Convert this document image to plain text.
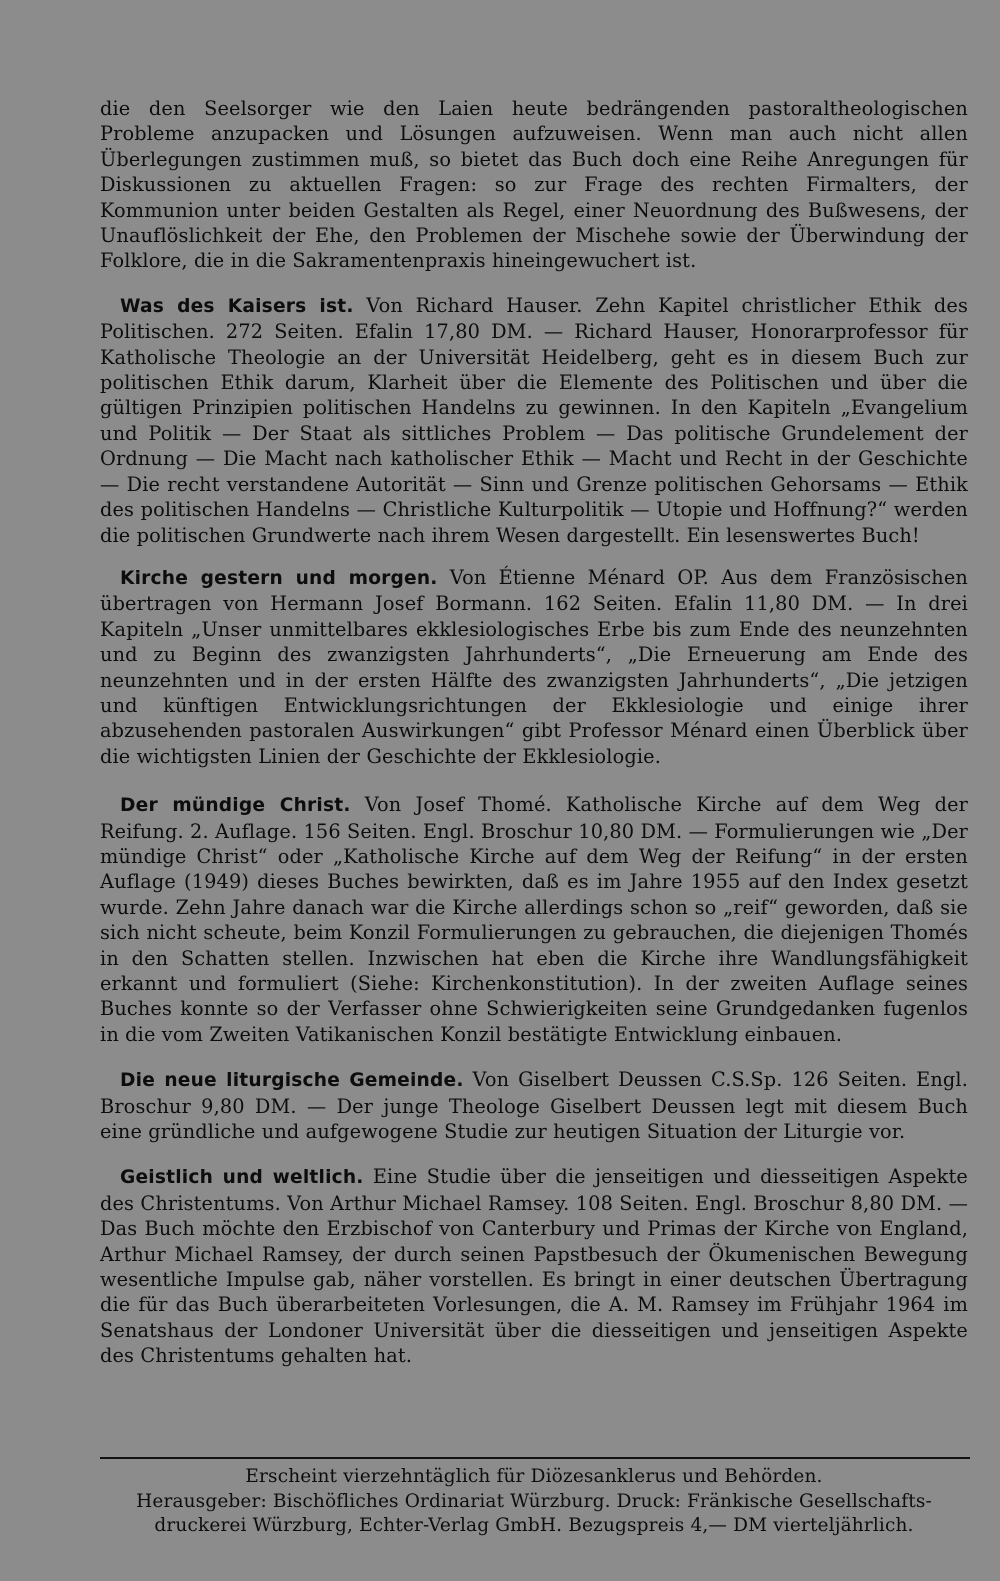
die den Seelsorger wie den Laien heute bedrängenden pastoraltheologischen Probleme anzupacken und Lösungen aufzuweisen. Wenn man auch nicht allen Überlegungen zustimmen muß, so bietet das Buch doch eine Reihe Anregungen für Diskussionen zu aktuellen Fragen: so zur Frage des rechten Firmalters, der Kommunion unter beiden Gestalten als Regel, einer Neuordnung des Bußwesens, der Unauflöslichkeit der Ehe, den Problemen der Mischehe sowie der Überwindung der Folklore, die in die Sakramentenpraxis hineingewuchert ist.

Was des Kaisers ist. Von Richard Hauser. Zehn Kapitel christlicher Ethik des Politischen. 272 Seiten. Efalin 17,80 DM. — Richard Hauser, Honorarprofessor für Katholische Theologie an der Universität Heidelberg, geht es in diesem Buch zur politischen Ethik darum, Klarheit über die Elemente des Politischen und über die gültigen Prinzipien politischen Handelns zu gewinnen. In den Kapiteln „Evangelium und Politik — Der Staat als sittliches Problem — Das politische Grundelement der Ordnung — Die Macht nach katholischer Ethik — Macht und Recht in der Geschichte — Die recht verstandene Autorität — Sinn und Grenze politischen Gehorsams — Ethik des politischen Handelns — Christliche Kulturpolitik — Utopie und Hoffnung?“ werden die politischen Grundwerte nach ihrem Wesen dargestellt. Ein lesenswertes Buch!

Kirche gestern und morgen. Von Étienne Ménard OP. Aus dem Französischen übertragen von Hermann Josef Bormann. 162 Seiten. Efalin 11,80 DM. — In drei Kapiteln „Unser unmittelbares ekklesiologisches Erbe bis zum Ende des neunzehnten und zu Beginn des zwanzigsten Jahrhunderts“, „Die Erneuerung am Ende des neunzehnten und in der ersten Hälfte des zwanzigsten Jahrhunderts“, „Die jetzigen und künftigen Entwicklungsrichtungen der Ekklesiologie und einige ihrer abzusehenden pastoralen Auswirkungen“ gibt Professor Ménard einen Überblick über die wichtigsten Linien der Geschichte der Ekklesiologie.

Der mündige Christ. Von Josef Thomé. Katholische Kirche auf dem Weg der Reifung. 2. Auflage. 156 Seiten. Engl. Broschur 10,80 DM. — Formulierungen wie „Der mündige Christ“ oder „Katholische Kirche auf dem Weg der Reifung“ in der ersten Auflage (1949) dieses Buches bewirkten, daß es im Jahre 1955 auf den Index gesetzt wurde. Zehn Jahre danach war die Kirche allerdings schon so „reif“ geworden, daß sie sich nicht scheute, beim Konzil Formulierungen zu gebrauchen, die diejenigen Thomés in den Schatten stellen. Inzwischen hat eben die Kirche ihre Wandlungsfähigkeit erkannt und formuliert (Siehe: Kirchenkonstitution). In der zweiten Auflage seines Buches konnte so der Verfasser ohne Schwierigkeiten seine Grundgedanken fugenlos in die vom Zweiten Vatikanischen Konzil bestätigte Entwicklung einbauen.

Die neue liturgische Gemeinde. Von Giselbert Deussen C.S.Sp. 126 Seiten. Engl. Broschur 9,80 DM. — Der junge Theologe Giselbert Deussen legt mit diesem Buch eine gründliche und aufgewogene Studie zur heutigen Situation der Liturgie vor.

Geistlich und weltlich. Eine Studie über die jenseitigen und diesseitigen Aspekte des Christentums. Von Arthur Michael Ramsey. 108 Seiten. Engl. Broschur 8,80 DM. — Das Buch möchte den Erzbischof von Canterbury und Primas der Kirche von England, Arthur Michael Ramsey, der durch seinen Papstbesuch der Ökumenischen Bewegung wesentliche Impulse gab, näher vorstellen. Es bringt in einer deutschen Übertragung die für das Buch überarbeiteten Vorlesungen, die A. M. Ramsey im Frühjahr 1964 im Senatshaus der Londoner Universität über die diesseitigen und jenseitigen Aspekte des Christentums gehalten hat.

Erscheint vierzehntäglich für Diözesanklerus und Behörden.
Herausgeber: Bischöfliches Ordinariat Würzburg. Druck: Fränkische Gesellschafts-
druckerei Würzburg, Echter-Verlag GmbH. Bezugspreis 4,— DM vierteljährlich.
